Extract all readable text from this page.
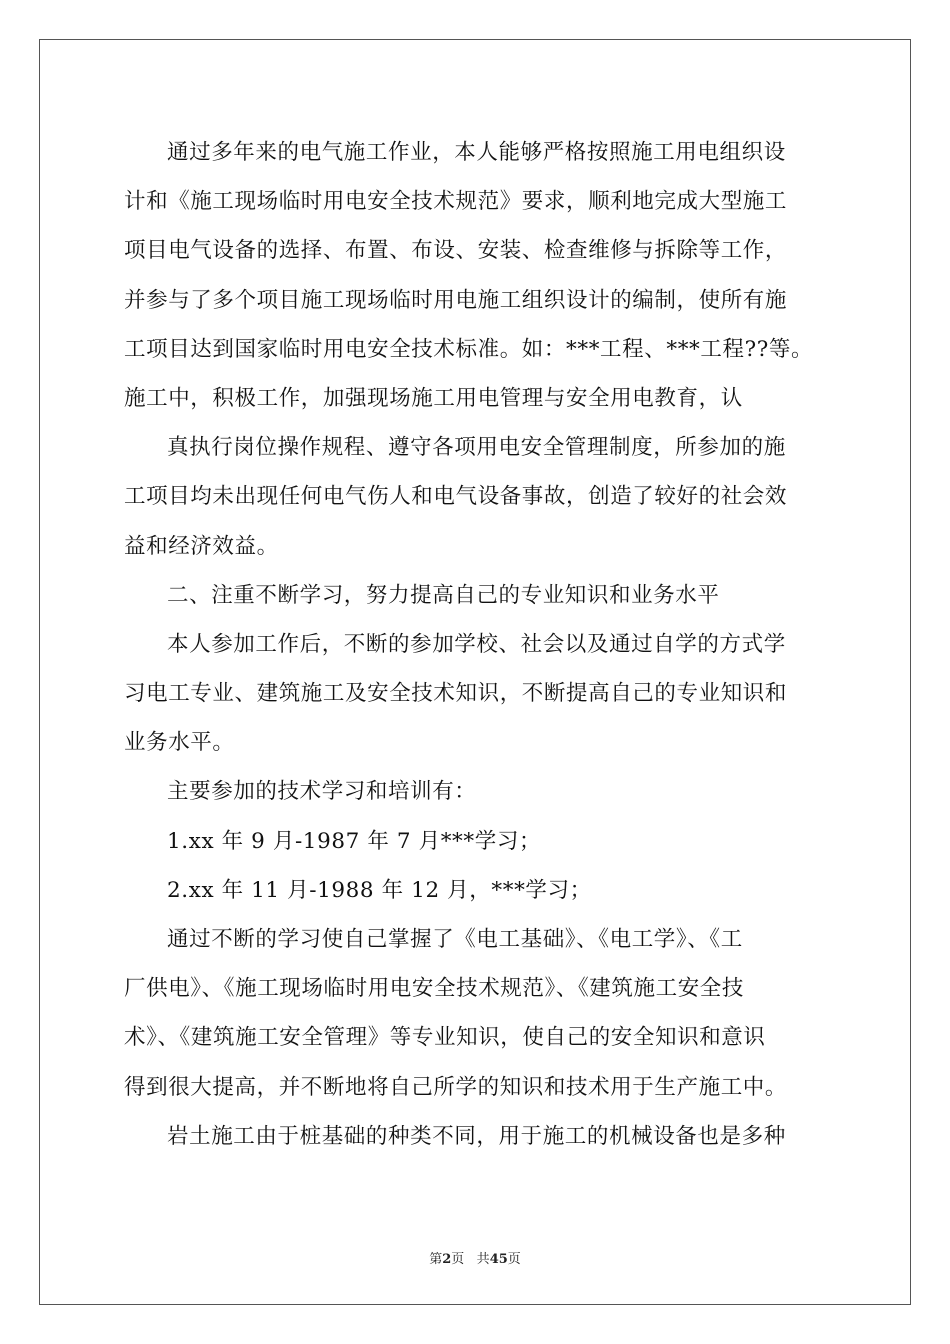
通过多年来的电气施工作业，本人能够严格按照施工用电组织设
计和《施工现场临时用电安全技术规范》要求，顺利地完成大型施工
项目电气设备的选择、布置、布设、安装、检查维修与拆除等工作，
并参与了多个项目施工现场临时用电施工组织设计的编制，使所有施
工项目达到国家临时用电安全技术标准。如：***工程、***工程??等。
施工中，积极工作，加强现场施工用电管理与安全用电教育，认
真执行岗位操作规程、遵守各项用电安全管理制度，所参加的施
工项目均未出现任何电气伤人和电气设备事故，创造了较好的社会效
益和经济效益。
二、注重不断学习，努力提高自己的专业知识和业务水平
本人参加工作后，不断的参加学校、社会以及通过自学的方式学
习电工专业、建筑施工及安全技术知识，不断提高自己的专业知识和
业务水平。
主要参加的技术学习和培训有：
1.xx 年 9 月-1987 年 7 月***学习；
2.xx 年 11 月-1988 年 12 月，***学习；
通过不断的学习使自己掌握了《电工基础》、《电工学》、《工
厂供电》、《施工现场临时用电安全技术规范》、《建筑施工安全技
术》、《建筑施工安全管理》等专业知识，使自己的安全知识和意识
得到很大提高，并不断地将自己所学的知识和技术用于生产施工中。
岩土施工由于桩基础的种类不同，用于施工的机械设备也是多种
第2页 共45页
